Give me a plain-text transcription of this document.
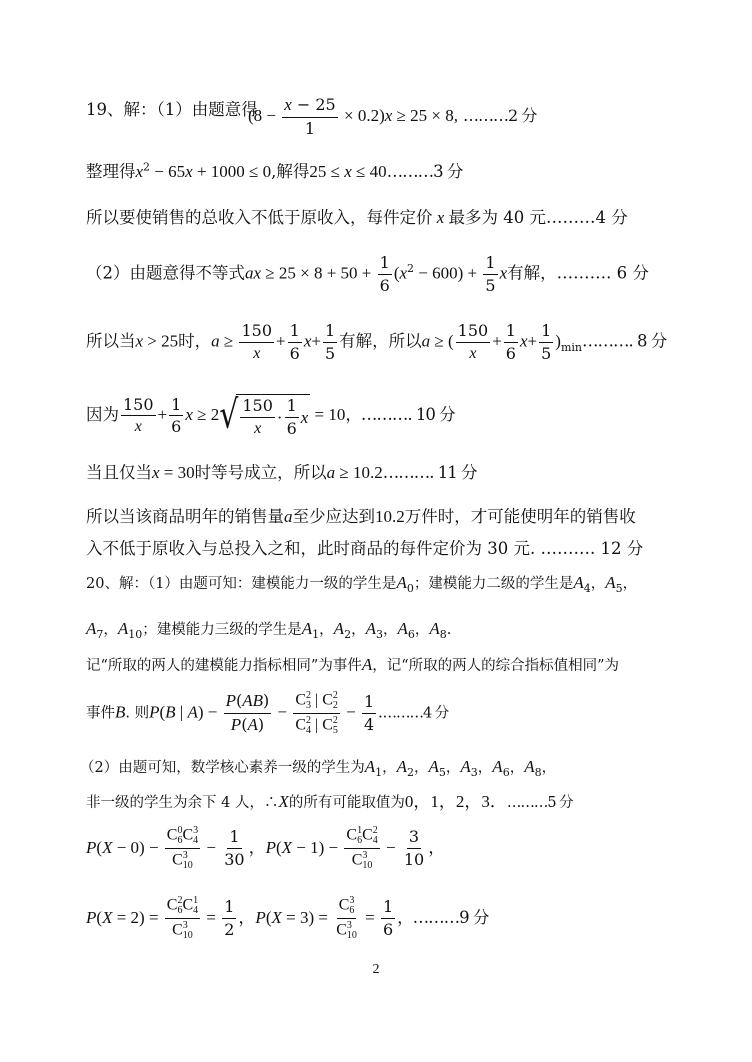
19、解：（1）由题意得
$(8 - \frac{x - 25}{1} \times 0.2)x \ge 25 \times 8$, ………2 分
整理得$x^2 - 65x + 1000 \le 0$,解得25 ≤ x ≤ 40………3 分
所以要使销售的总收入不低于原收入，每件定价 x 最多为 40 元………4 分
（2）由题意得不等式ax ≥ $25 \times 8 + 50 + \frac{1}{6} (x^2 - 600) + \frac{1}{5}$ x有解，………. 6 分
所以当x > 25时，$a \ge \frac{150}{x} + \frac{1}{6} x+ \frac{1}{5}$ 有解，所以a ≥ ( $\frac{150}{x} + \frac{1}{6} x+ \frac{1}{5}$ )$_{min}\dots\dots\dots$. 8 分
因为 $\frac{150}{x} + \frac{1}{6}$ x ≥ 2 √ $\frac{150}{x} \cdot \frac{1}{6}$ x = 10，………. 10 分
当且仅当x = 30时等号成立，所以a ≥ 10.2………. 11 分
所以当该商品明年的销售量a至少应达到10.2万件时，才可能使明年的销售收
入不低于原收入与总投入之和，此时商品的每件定价为 30 元. ………. 12 分
20、解：（1）由题可知：建模能力一级的学生是$A_0$；建模能力二级的学生是$A_4$，$A_5$，
$A_7$，$A_{10}$；建模能力三级的学生是$A_1$，$A_2$，$A_3$，$A_6$，$A_8$.
记“所取的两人的建模能力指标相同”为事件A，记“所取的两人的综合指标值相同”为
事件B. 则P(B | $A) - \frac{P(AB)}{P(A)} - C$ 2
3 | C 2
2
C 2
4 | C 2
$5 - \frac{1}{4}$ .………4 分
（2）由题可知，数学核心素养一级的学生为$A_1$，$A_2$，$A_5$，$A_3$，$A_6$，$A_8$，
非一级的学生为余下 4 人，∴X的所有可能取值为0，1，2，3．………5 分
P(X − 0) − C 0
6 C 3
4
C 3
$10 - \frac{1}{30}$ ，P(X − 1) − C 1
6 C 2
4
C 3
$10 - \frac{3}{10}$ ，
P(X = 2) = C 2
6 C 1
4
C 3
$10 = \frac{1}{2}$ ，P(X = 3) = C 3
6
C 3
$10 = \frac{1}{6}$ ，………9 分
2
